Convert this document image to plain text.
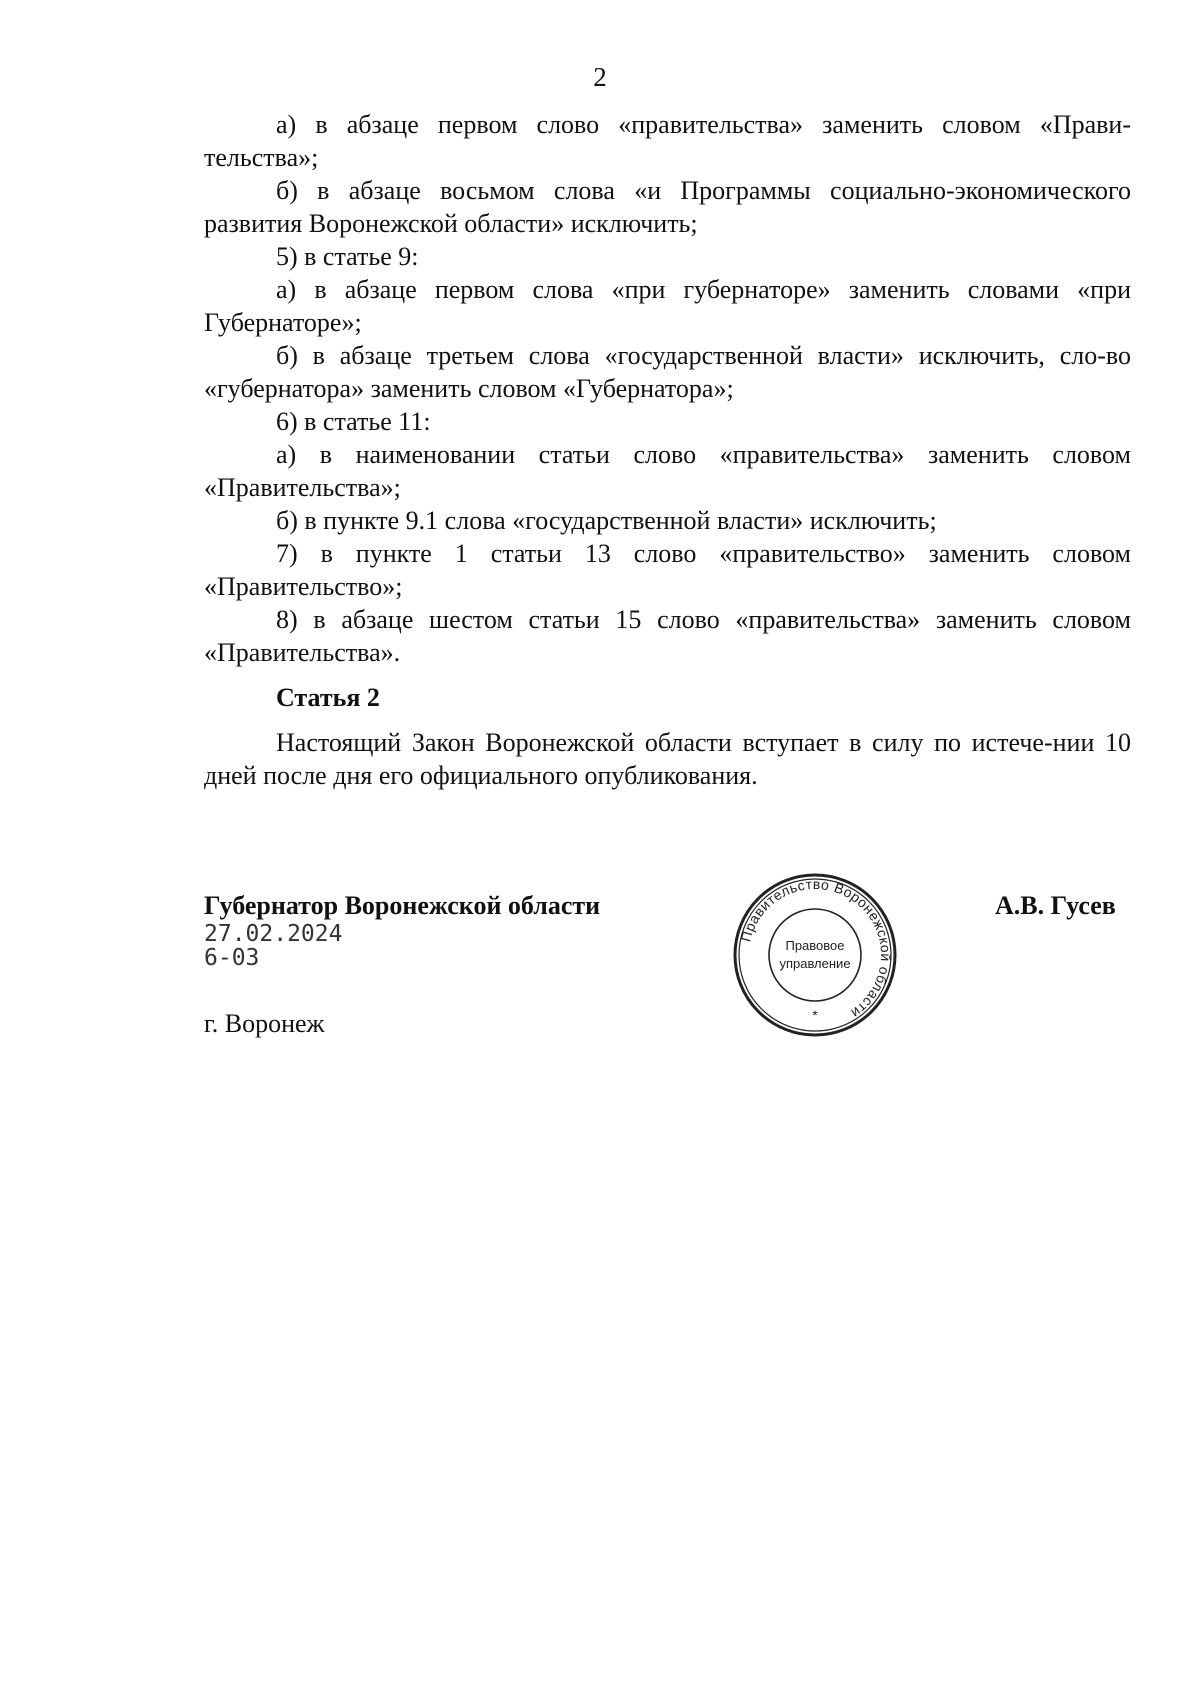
2

а) в абзаце первом слово «правительства» заменить словом «Прави-тельства»;

б) в абзаце восьмом слова «и Программы социально-экономического развития Воронежской области» исключить;

5) в статье 9:

а) в абзаце первом слова «при губернаторе» заменить словами «при Губернаторе»;

б) в абзаце третьем слова «государственной власти» исключить, сло-во «губернатора» заменить словом «Губернатора»;

6) в статье 11:

а) в наименовании статьи слово «правительства» заменить словом «Правительства»;

б) в пункте 9.1 слова «государственной власти» исключить;

7) в пункте 1 статьи 13 слово «правительство» заменить словом «Правительство»;

8) в абзаце шестом статьи 15 слово «правительства» заменить словом «Правительства».

Статья 2

Настоящий Закон Воронежской области вступает в силу по истече-нии 10 дней после дня его официального опубликования.

Губернатор Воронежской области
27.02.2024
6-03
г. Воронеж
Правительство Воронежской области
Правовое
управление
*
А.В. Гусев
